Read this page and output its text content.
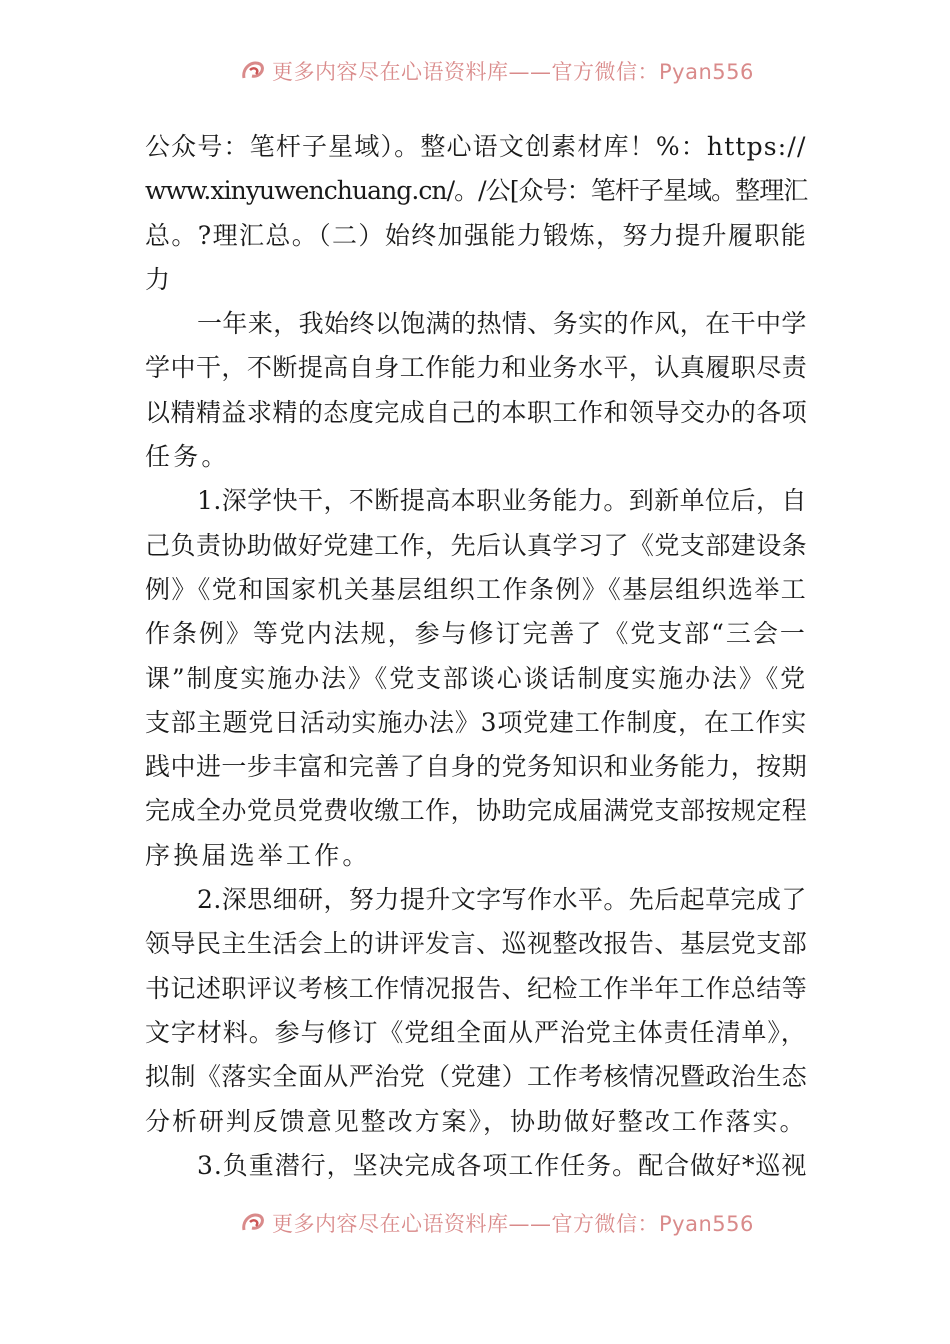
更多内容尽在心语资料库——官方微信：Pyan556
公众号：笔杆子星域）。整心语文创素材库！%：https://
www.xinyuwenchuang.cn/。/公[众号：笔杆子星域。整理汇
总。?理汇总。（二）始终加强能力锻炼，努力提升履职能
力
一年来，我始终以饱满的热情、务实的作风，在干中学
学中干，不断提高自身工作能力和业务水平，认真履职尽责
以精精益求精的态度完成自己的本职工作和领导交办的各项
任务。
1.深学快干，不断提高本职业务能力。到新单位后，自
己负责协助做好党建工作，先后认真学习了《党支部建设条
例》《党和国家机关基层组织工作条例》《基层组织选举工
作条例》等党内法规，参与修订完善了《党支部“三会一
课”制度实施办法》《党支部谈心谈话制度实施办法》《党
支部主题党日活动实施办法》3项党建工作制度，在工作实
践中进一步丰富和完善了自身的党务知识和业务能力，按期
完成全办党员党费收缴工作，协助完成届满党支部按规定程
序换届选举工作。
2.深思细研，努力提升文字写作水平。先后起草完成了
领导民主生活会上的讲评发言、巡视整改报告、基层党支部
书记述职评议考核工作情况报告、纪检工作半年工作总结等
文字材料。参与修订《党组全面从严治党主体责任清单》，
拟制《落实全面从严治党（党建）工作考核情况暨政治生态
分析研判反馈意见整改方案》，协助做好整改工作落实。
3.负重潜行，坚决完成各项工作任务。配合做好*巡视
更多内容尽在心语资料库——官方微信：Pyan556
